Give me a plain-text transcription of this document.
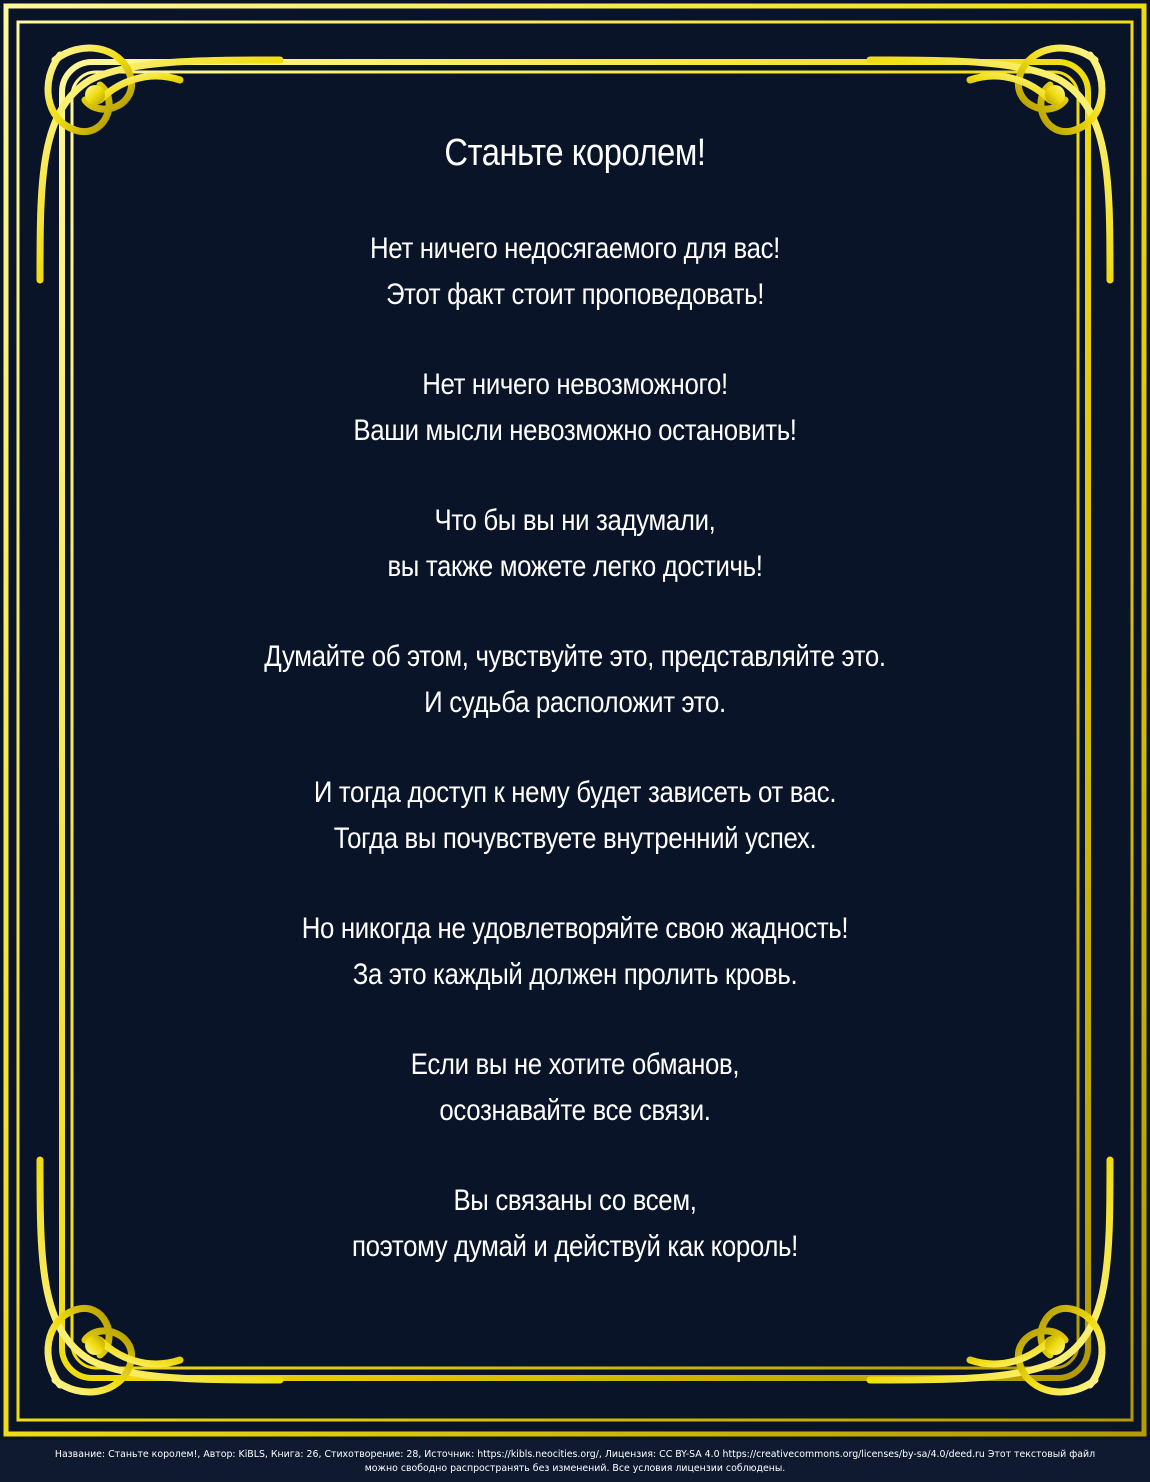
Станьте королем!
Нет ничего недосягаемого для вас!
Этот факт стоит проповедовать!
Нет ничего невозможного!
Ваши мысли невозможно остановить!
Что бы вы ни задумали,
вы также можете легко достичь!
Думайте об этом, чувствуйте это, представляйте это.
И судьба расположит это.
И тогда доступ к нему будет зависеть от вас.
Тогда вы почувствуете внутренний успех.
Но никогда не удовлетворяйте свою жадность!
За это каждый должен пролить кровь.
Если вы не хотите обманов,
осознавайте все связи.
Вы связаны со всем,
поэтому думай и действуй как король!
Название: Станьте королем!, Автор: KiBLS, Книга: 26, Стихотворение: 28, Источник: https://kibls.neocities.org/, Лицензия: CC BY-SA 4.0 https://creativecommons.org/licenses/by-sa/4.0/deed.ru Этот текстовый файл
можно свободно распространять без изменений. Все условия лицензии соблюдены.
